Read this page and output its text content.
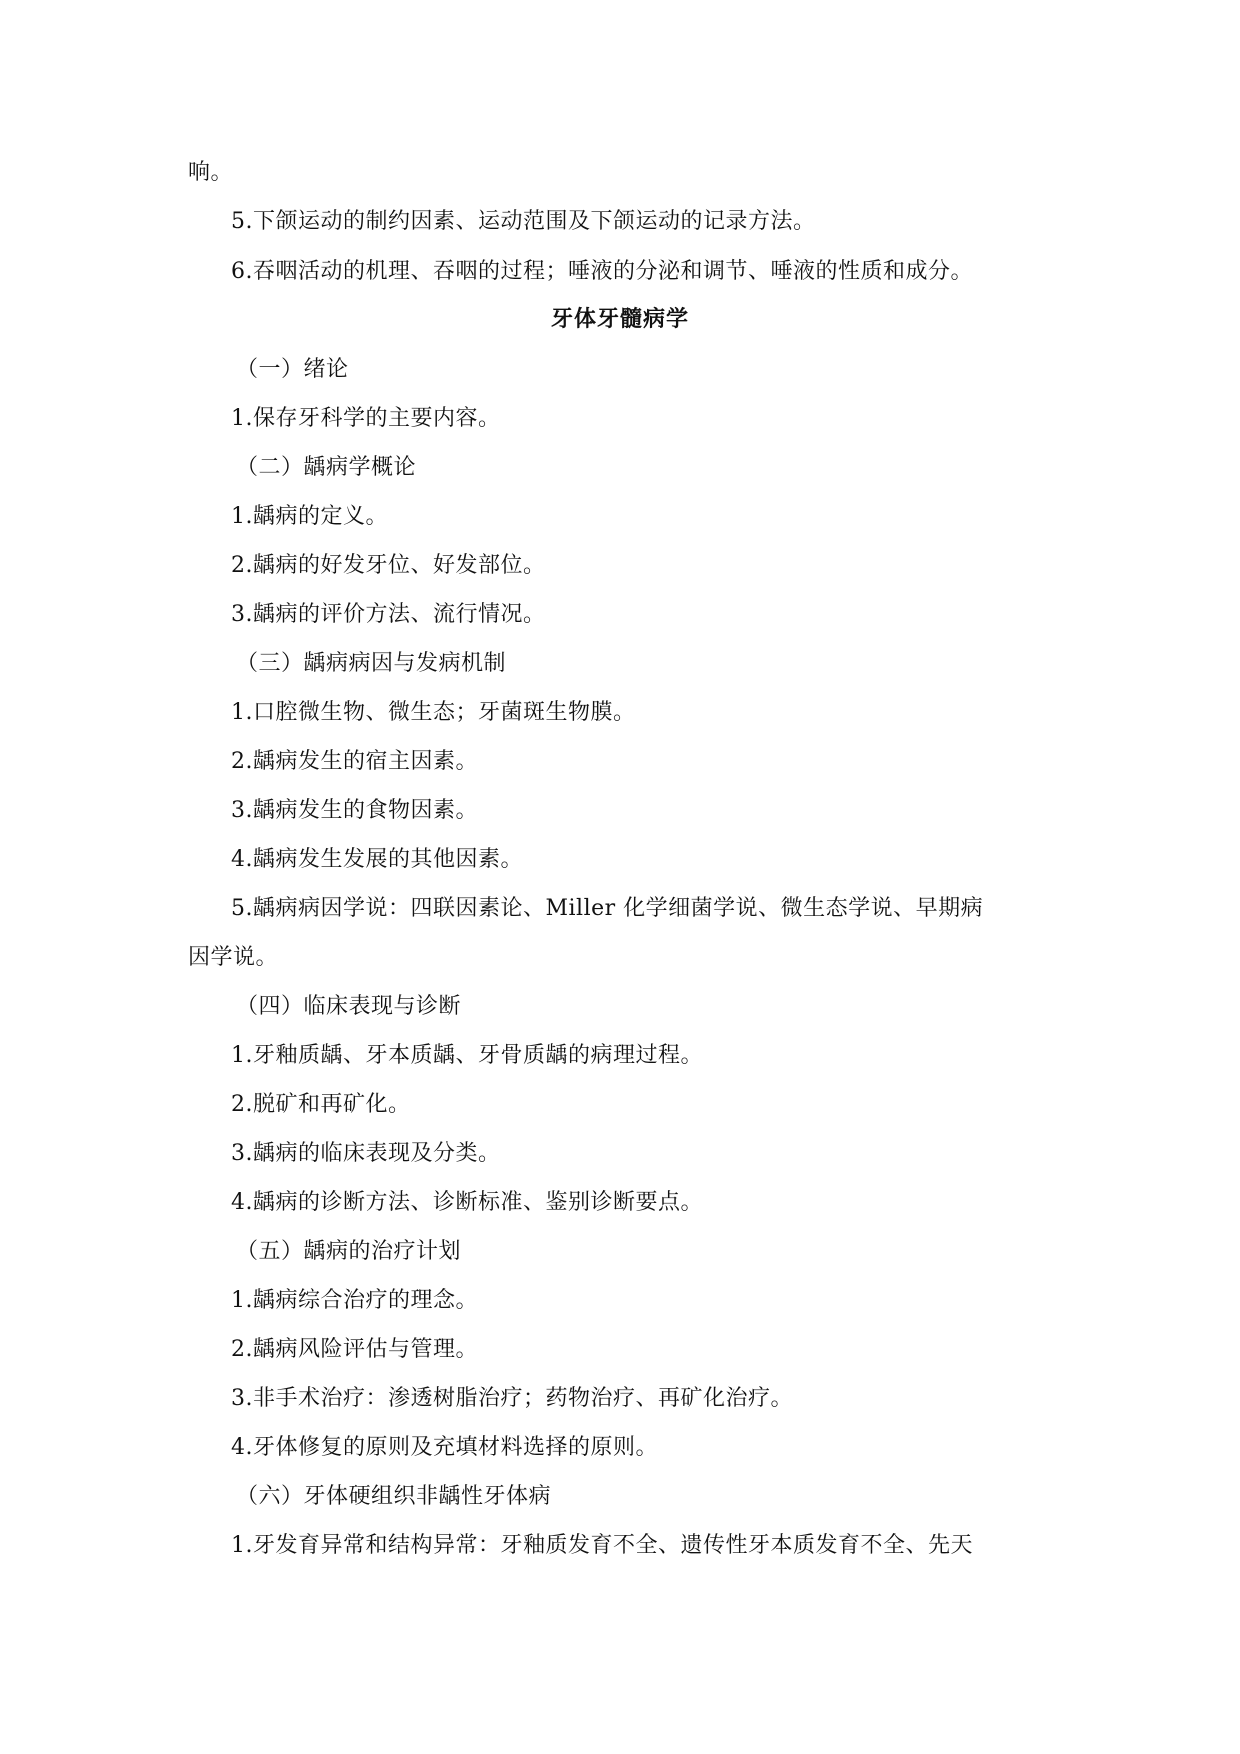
响。
5.下颌运动的制约因素、运动范围及下颌运动的记录方法。
6.吞咽活动的机理、吞咽的过程；唾液的分泌和调节、唾液的性质和成分。
牙体牙髓病学
（一）绪论
1.保存牙科学的主要内容。
（二）龋病学概论
1.龋病的定义。
2.龋病的好发牙位、好发部位。
3.龋病的评价方法、流行情况。
（三）龋病病因与发病机制
1.口腔微生物、微生态；牙菌斑生物膜。
2.龋病发生的宿主因素。
3.龋病发生的食物因素。
4.龋病发生发展的其他因素。
5.龋病病因学说：四联因素论、Miller 化学细菌学说、微生态学说、早期病
因学说。
（四）临床表现与诊断
1.牙釉质龋、牙本质龋、牙骨质龋的病理过程。
2.脱矿和再矿化。
3.龋病的临床表现及分类。
4.龋病的诊断方法、诊断标准、鉴别诊断要点。
（五）龋病的治疗计划
1.龋病综合治疗的理念。
2.龋病风险评估与管理。
3.非手术治疗：渗透树脂治疗；药物治疗、再矿化治疗。
4.牙体修复的原则及充填材料选择的原则。
（六）牙体硬组织非龋性牙体病
1.牙发育异常和结构异常：牙釉质发育不全、遗传性牙本质发育不全、先天
